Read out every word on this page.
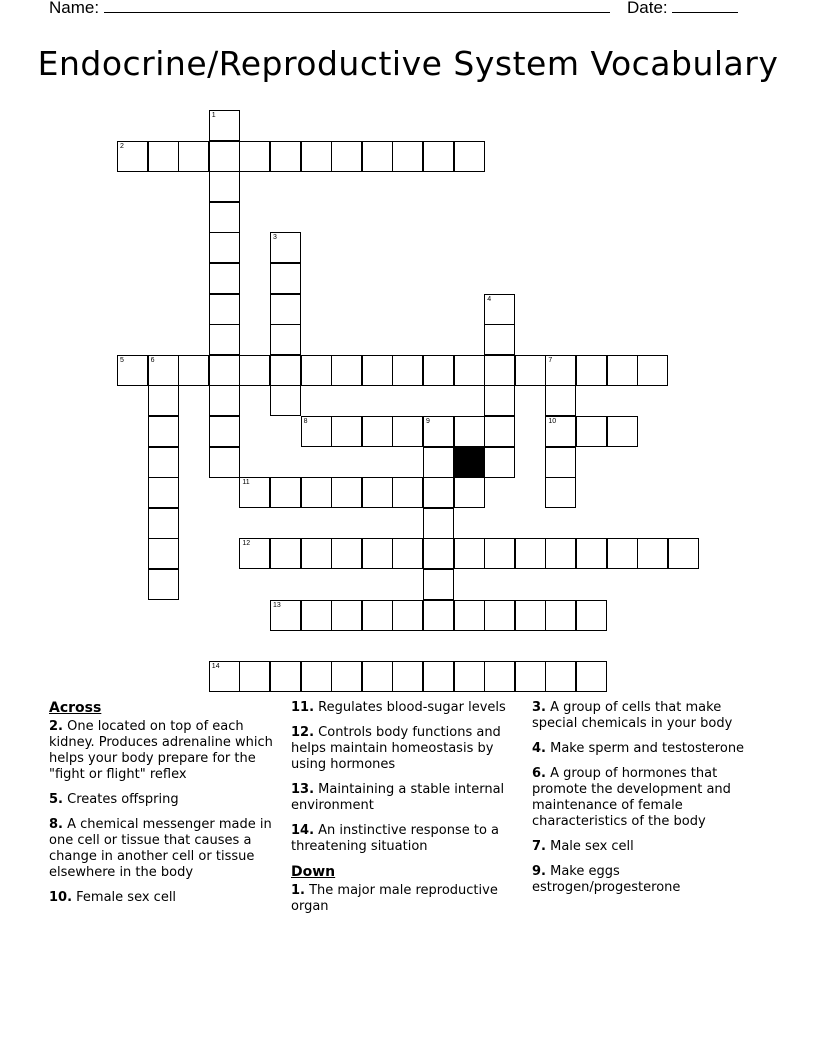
Name:	Date:
Endocrine/Reproductive System Vocabulary
1
2
3
4
5	6	7
10
8	9
11
12
13
14
Across
2. One located on top of each kidney. Produces adrenaline which helps your body prepare for the "fight or flight" reflex
5. Creates offspring
8. A chemical messenger made in one cell or tissue that causes a change in another cell or tissue elsewhere in the body
10. Female sex cell
11. Regulates blood-sugar levels
12. Controls body functions and helps maintain homeostasis by using hormones
13. Maintaining a stable internal environment
14. An instinctive response to a threatening situation
Down
1. The major male reproductive organ
3. A group of cells that make special chemicals in your body
4. Make sperm and testosterone
6. A group of hormones that promote the development and maintenance of female characteristics of the body
7. Male sex cell
9. Make eggs estrogen/progesterone
